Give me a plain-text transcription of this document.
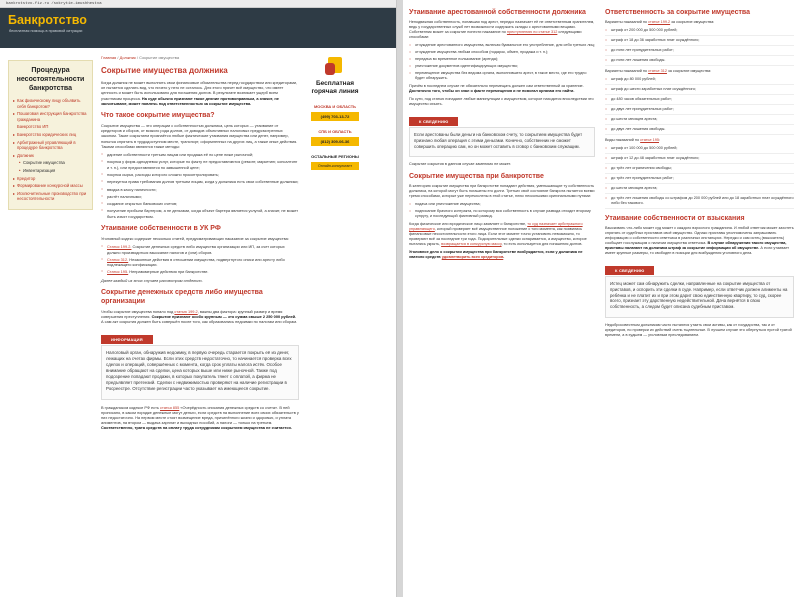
bankrotstvo-fiz.ru /sokrytie-imushhestva
Банкротство
бесплатная помощь в правовой ситуации
Процедура несостоятельности банкротства
▸ Как физическому лицу объявить себя банкротом?
▸ Пошаговая инструкция банкротства гражданина
Банкротство ИП
▸ Банкротство юридических лиц
▸ Арбитражный управляющий в процедуре банкротства
▸ Должник
• Сокрытие имущества
• Инвентаризация
▸ Кредитор
▸ Формирование конкурсной массы
▸ Исключительные производство при несостоятельности
Главная / Должник / Сокрытие имущества
Сокрытие имущества должника

Когда должник не может выполнить свои финансовые обязательства перед государством или кредиторами, он пытается сделать вид, что ничего у него не осталось. Для этого прячет всё имущество, что имеет ценность и может быть использовано для погашения долгов. В результате возникает ущерб всем участникам процесса. На суде обычно признают такое деяние противоправным, а значит, не засчитывают, может повлечь под ответственностью за сокрытие имущества.

Что такое сокрытие имущества?

Сокрытие имущества — это операции с собственностью должника, цель которых — утаивание от кредиторов и сборов, от всякого рода долгов, от доводов объективных налоговых предусмотренных законом. Такие сокрытием признаётся любые фактические утаивания имущества или денег, например, попытка спрятать в трудодоступном месте, транспорт, оформленных на других лиц, а также иные действия. Такими способами являются также методы:

○ дарение собственности третьим лицам или продажа её по цене ниже рыночной;
○ покупка у фирм-однодневок услуг, которые по факту не предоставляются (ремонт, маркетинг, консалтинг и т. п.), или предоставляются по завышенной цене;
○ покупка сырья, расходы которого сложно проконтролировать;
○ перекуптка права требования долгов третьим лицам, когда у должника есть свои собственные должники;
○ вводка в кассу наличности;
○ растёт наличными;
○ создание открытых банковских счетов;
○ получение прибыли бартером, а не деньгами, когда объект бартера является услугой, а значит, не может быть изъят государством.
Утаивание собственности в УК РФ

Уголовный кодекс содержит несколько статей, предусматривающих наказание за сокрытие имущества:

○ Статья 199.2. Сокрытие денежных средств либо имущества организации или ИП, за счет которых должно производиться взыскание налогов и (или) сборов.
○ Статья 312. Незаконные действия в отношении имущества, подвергнутого описи или аресту либо подлежащего конфискации.
○ Статья 195. Неправомерные действия при банкротстве.

Далее каждый из этих случаев рассмотрим отдельно.

Сокрытие денежных средств либо имущества организации

Чтобы сокрытие имущества попало под статью 199.2, важны два фактора: крупный размер и время совершения преступления. Сокрытие признают особо крупным — это сумма свыше 2 250 000 рублей. А сам акт сокрытия должен быть совершён после того, как образовались недоимки по налогам или сборам.

ИНФОРМАЦИЯ

Налоговый орган, обнаружив недоимку, в первую очередь старается покрыть её из денег, лежащих на счетах фирмы. Если этих средств недостаточно, то начинается проверка всех сделок и операций, совершённых с момента, когда срок уплаты налога истёк. Особое внимание обращают на сделки, цена которых выше или ниже рыночной. Также под подозрение попадают продажи, в которых покупатель тянет с оплатой, а фирма не предъявляет претензий. Сделки с недвижимостью проверяют на наличие регистрации в Росреестре. Отсутствие регистрации часто указывает на имеющееся сокрытие.

В гражданском кодексе РФ есть статья 855 «Очерёдность списания денежных средств со счета». В ней прописано, в каком порядке денежные могут деньги, если средств на выполнение всех своих обязательств у них недостаточно. На первом месте стоят возмещение вреда, причинённого жизни и здоровью, и уплата алиментов, на втором — выдача зарплат и выходных пособий, а налоги — только на третьем. Соответственно, трата средств на оплату труда сотрудникам сокрытием имущества не считается.

Бесплатная горячая линия
МОСКВА И ОБЛАСТЬ
(499) 703-13-72
СПБ И ОБЛАСТЬ
(812) 309-06-36
ОСТАЛЬНЫЕ РЕГИОНЫ
Онлайн-консультант
Утаивание арестованной собственности должника

Неподвижная собственность, попавшая под арест, нередко назначает её не ответственным хранителем, ведь у государственных служб нет возможности содержать склады с арестованными вещами. Собственник может за сокрытие понести наказание по преступлению по статье 312 следующими способами:

○ отчуждение арестованного имущества, включая буквальное его употребление, для себя третьих лиц;
○ отчуждение имущества любым способом (подарок, обмен, продажа и т. п.);
○ передача во временное пользование (аренда);
○ уничтожение документов идентифицирующих имущество;
○ перемещение имущества без ведома органа, выполнившего арест, в такое место, где его трудно будет обнаружить.

Причём в последнем случае не обязательно перемещать должен сам ответственный за хранение. Достаточно того, чтобы он знал о факте перемещения и не помогал органам его найти.

По сути, под статью попадают любые манипуляции с имуществом, которое находится впоследствии это имущество изъять.

К СВЕДЕНИЮ

Если арестованы были деньги на банковском счету, то сокрытием имущества будет признано любая операция с этими деньгами. Конечно, собственник не сможет совершить операцию сам, но он может оставить в сговор с банковским служащим.

Сокрытие сокрытия в данном случае заменимо не может.

Сокрытие имущества при банкротстве

В категорию сокрытие имущества при банкротстве попадают действия, уменьшающие ту собственность должника, на которой могут быть погашены его долги. Третьих своё состояние банкрота пытается всеми тремя способами, которые уже перечислены в этой статье, плюс несколькими оригинальными путями:

○ подача или уничтожение имущества;
○ подписание брачного контракта, по которому вся собственность в случае развода отходит второму супругу, и последующий фиктивный развод.

Когда физическое или юридическое лицо заявляет о банкротстве, то суд назначает арбитражного управляющего, который проверяет всё имущественное положение с того момента, как появились финансовые несостоятельности этого лица. Если этот момент точно установить невозможно, то проверяют всё за последние три года. Подозрительные сделки оспаривается, а имущество, которое пытались укрыть, возвращается в конкурсную массу, то есть используется для погашения долгов.

Уголовное дело о сокрытии имущества при банкротстве возбуждается, если у должника не хватило средств удовлетворить всех кредиторов.

Ответственность за сокрытие имущества

Варианты наказаний по статье 199.2 за сокрытие имущества:

○ штраф от 200 000 до 500 000 рублей;
○ штраф от 18 до 36 заработных плат осуждённого;
○ до пяти лет принудительных работ;
○ до пяти лет лишения свободы.

Варианты наказаний по статье 312 за сокрытие имущества:

○ штраф до 80 000 рублей;
○ штраф до шести заработных плат осуждённого;
○ до 480 часов обязательных работ;
○ до двух лет принудительных работ;
○ до шести месяцев ареста;
○ до двух лет лишения свободы.

Виды наказаний по статье 195:

○ штраф от 100 000 до 500 000 рублей;
○ штраф от 12 до 48 заработных плат осуждённого;
○ до трёх лет ограничения свободы;
○ до трёх лет принудительных работ;
○ до шести месяцев ареста;
○ до трёх лет лишения свободы со штрафом до 200 000 рублей или до 18 заработных плат осуждённого либо без такового.
Утаивание собственности от взыскания

Взыскивать что-либо может суд может с каждого взрослого гражданина. И любой ответчик может захотеть спрятать от судебных приставов своё имущество. Однако приставы уполномочены запрашивать информацию о собственности ответчика в различных инстанциях. Нередко и сам истец (взыскатель) сообщает госслужащим о наличии имущества ответчика. В случае обнаружения такого имущества, приставы налагают на должника штраф за сокрытие информации об имуществе. А если утаивает имеет крупные размеры, то свободен в позиции для возбуждения уголовного дела.

К СВЕДЕНИЮ

Истец может сам обнаружить сделки, направленные на сокрытие имущества от приставов, и оспорить эти сделки в суде. Например, если ответчик должен алименты на ребёнка и не платит их и при этом дарит свою единственную квартиру, то суд, скорее всего, признает эту дарственную недействительной. Дача вернётся в свою собственность, а следом будет описана судебным приставом.

Недобросовестным должникам часто пытаются утаить свои активы, как от государства, так и от кредиторов, но проверки их действий очень тщательные. В лучшем случае это обернуться пустой тратой времени, а в худшем — уголовным преследованием.
